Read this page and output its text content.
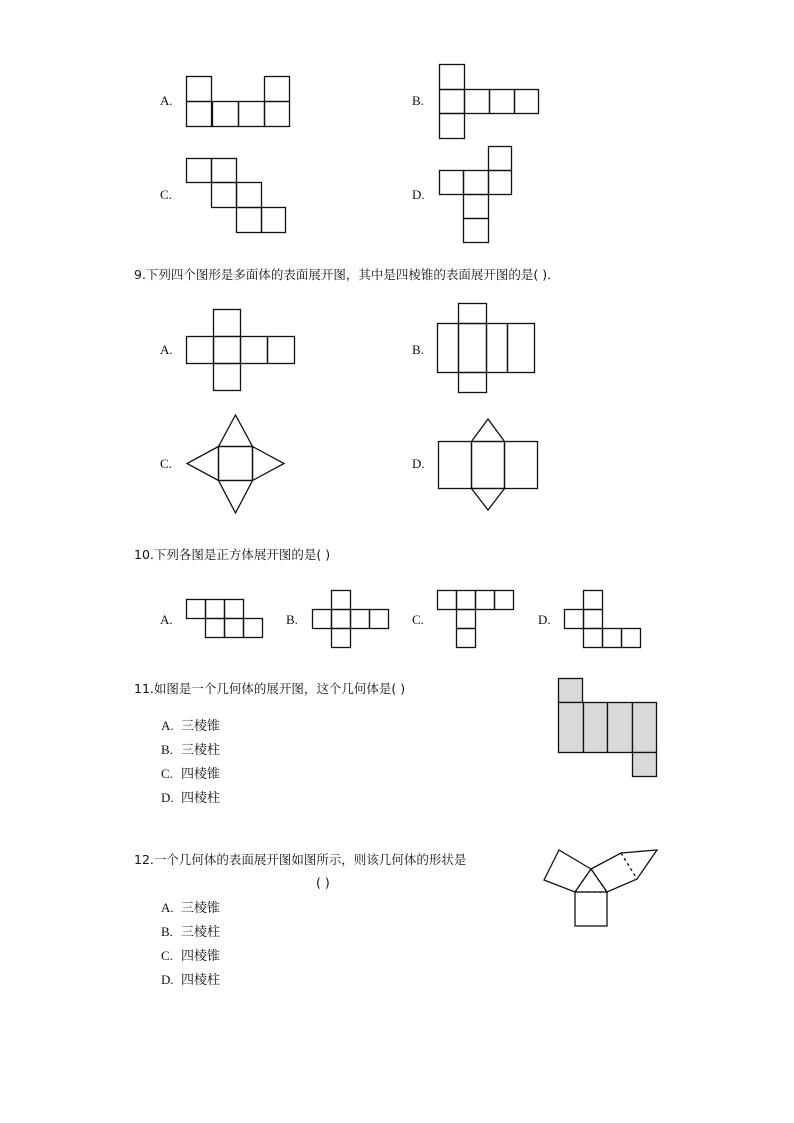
A.	B.
C.	D.
9.下列四个图形是多面体的表面展开图，其中是四棱锥的表面展开图的是( ).
A.	B.
C.	D.
10.下列各图是正方体展开图的是( )
A.	B.	C.	D.
11.如图是一个几何体的展开图，这个几何体是( )
A. 三棱锥
B. 三棱柱
C. 四棱锥
D. 四棱柱
12.一个几何体的表面展开图如图所示，则该几何体的形状是
( )
A. 三棱锥
B. 三棱柱
C. 四棱锥
D. 四棱柱
